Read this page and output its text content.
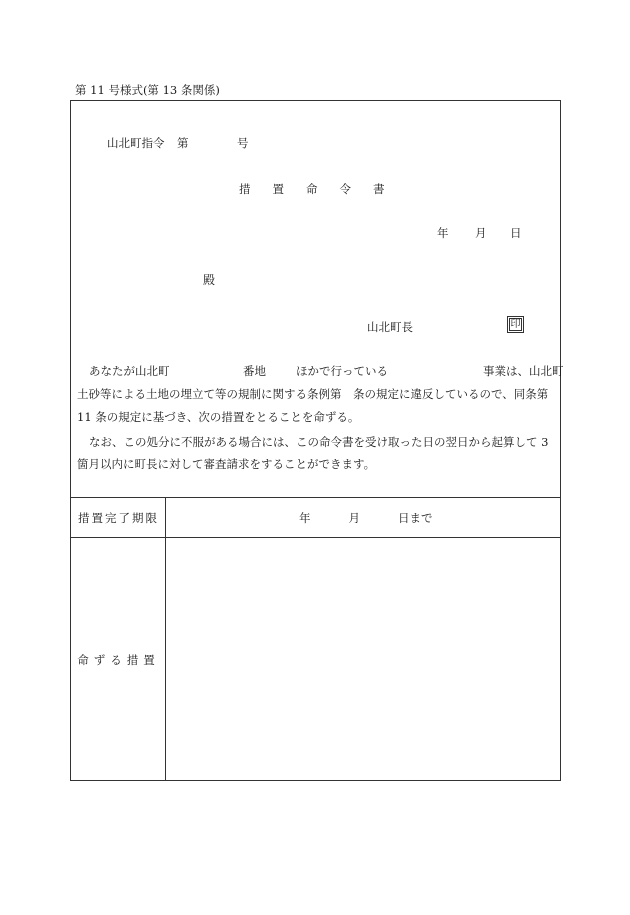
第 11 号様式(第 13 条関係)
山北町指令 第	号
措 置 命 令 書
年 月 日
殿
山北町長	印
あなたが山北町	番地	ほかで行っている	事業は、山北町
土砂等による土地の埋立て等の規制に関する条例第　条の規定に違反しているので、同条第
11 条の規定に基づき、次の措置をとることを命ずる。
なお、この処分に不服がある場合には、この命令書を受け取った日の翌日から起算して 3
箇月以内に町長に対して審査請求をすることができます。
措置完了期限	年	月	日まで
命ずる措置
